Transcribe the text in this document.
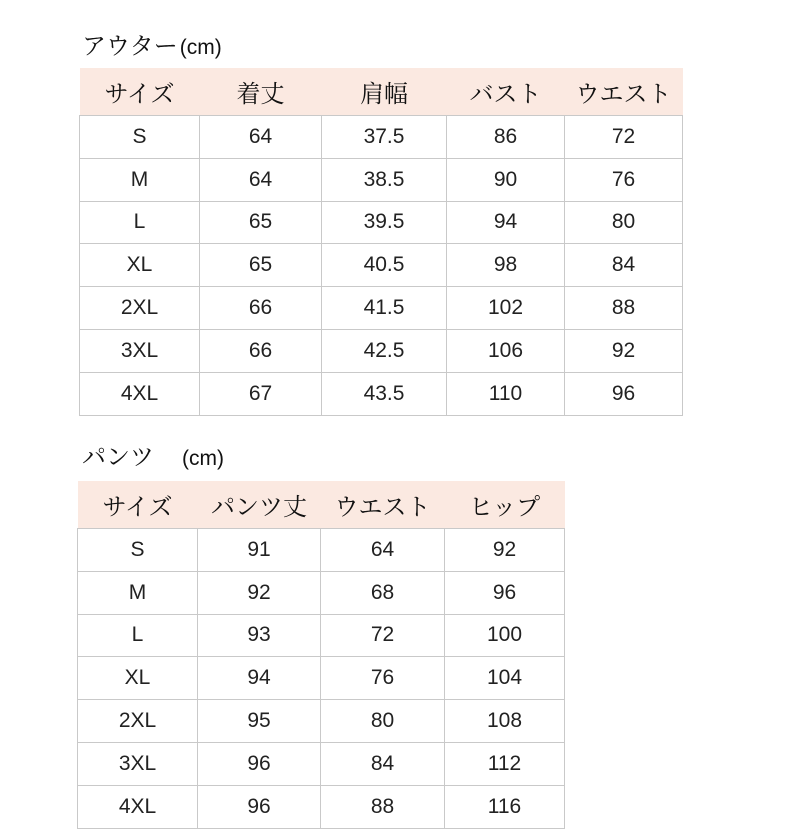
アウター(cm)
サイズ	着丈	肩幅	バスト	ウエスト
S	64	37.5	86	72
M	64	38.5	90	76
L	65	39.5	94	80
XL	65	40.5	98	84
2XL	66	41.5	102	88
3XL	66	42.5	106	92
4XL	67	43.5	110	96
パンツ (cm)
サイズ	パンツ丈	ウエスト	ヒップ
S	91	64	92
M	92	68	96
L	93	72	100
XL	94	76	104
2XL	95	80	108
3XL	96	84	112
4XL	96	88	116
